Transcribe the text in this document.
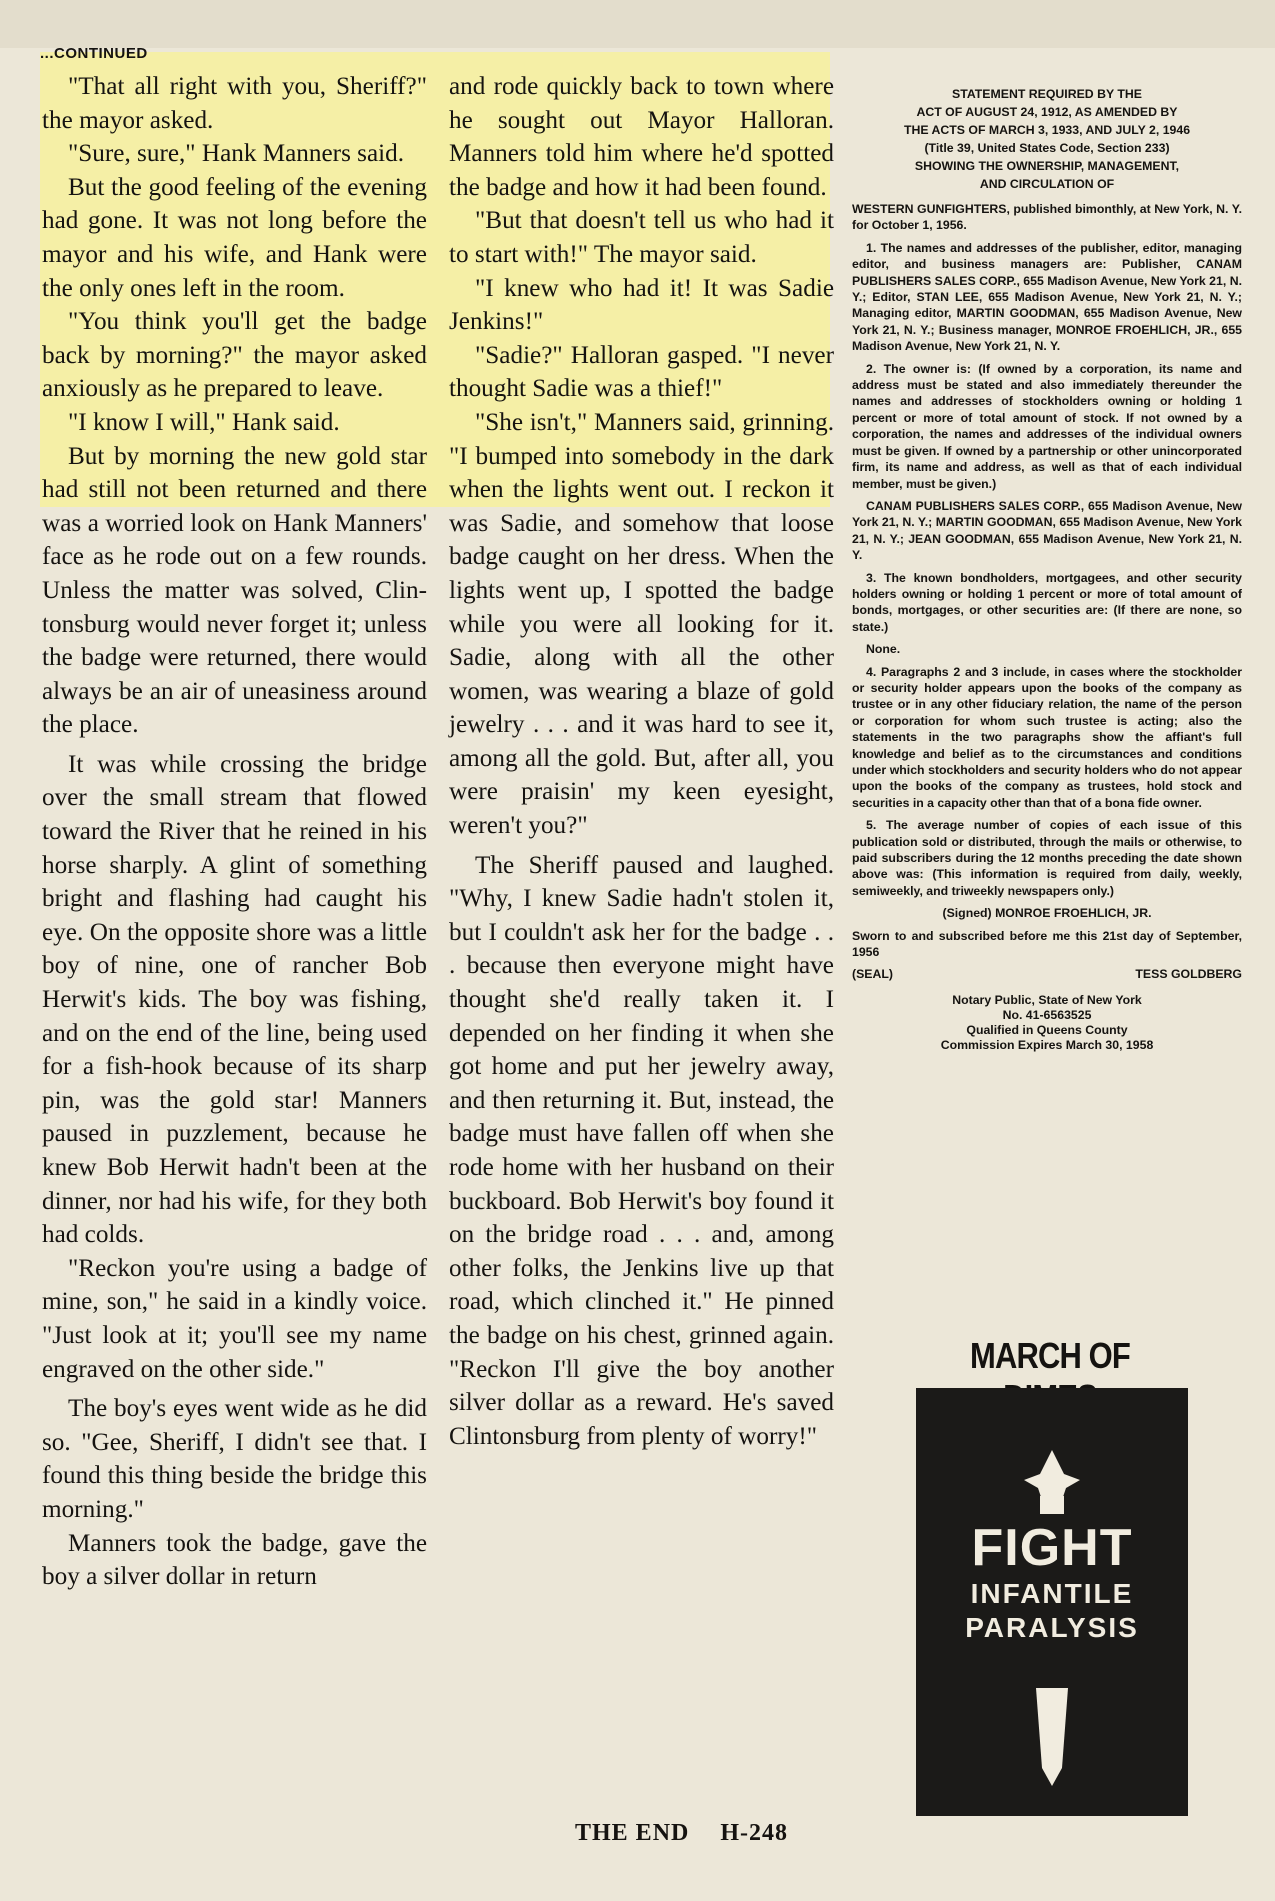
...CONTINUED

"That all right with you, Sheriff?" the mayor asked.

"Sure, sure," Hank Manners said.

But the good feeling of the evening had gone. It was not long before the mayor and his wife, and Hank were the only ones left in the room.

"You think you'll get the badge back by morning?" the mayor asked anxiously as he prepared to leave.

"I know I will," Hank said.

But by morning the new gold star had still not been returned and there was a worried look on Hank Manners' face as he rode out on a few rounds. Unless the matter was solved, Clintonsburg would never forget it; unless the badge were returned, there would always be an air of uneasiness around the place.

It was while crossing the bridge over the small stream that flowed toward the River that he reined in his horse sharply. A glint of something bright and flashing had caught his eye. On the opposite shore was a little boy of nine, one of rancher Bob Herwit's kids. The boy was fishing, and on the end of the line, being used for a fish-hook because of its sharp pin, was the gold star! Manners paused in puzzlement, because he knew Bob Herwit hadn't been at the dinner, nor had his wife, for they both had colds.

"Reckon you're using a badge of mine, son," he said in a kindly voice. "Just look at it; you'll see my name engraved on the other side."

The boy's eyes went wide as he did so. "Gee, Sheriff, I didn't see that. I found this thing beside the bridge this morning."

Manners took the badge, gave the boy a silver dollar in return

and rode quickly back to town where he sought out Mayor Halloran. Manners told him where he'd spotted the badge and how it had been found.

"But that doesn't tell us who had it to start with!" The mayor said.

"I knew who had it! It was Sadie Jenkins!"

"Sadie?" Halloran gasped. "I never thought Sadie was a thief!"

"She isn't," Manners said, grinning. "I bumped into somebody in the dark when the lights went out. I reckon it was Sadie, and somehow that loose badge caught on her dress. When the lights went up, I spotted the badge while you were all looking for it. Sadie, along with all the other women, was wearing a blaze of gold jewelry . . . and it was hard to see it, among all the gold. But, after all, you were praisin' my keen eyesight, weren't you?"

The Sheriff paused and laughed. "Why, I knew Sadie hadn't stolen it, but I couldn't ask her for the badge . . . because then everyone might have thought she'd really taken it. I depended on her finding it when she got home and put her jewelry away, and then returning it. But, instead, the badge must have fallen off when she rode home with her husband on their buckboard. Bob Herwit's boy found it on the bridge road . . . and, among other folks, the Jenkins live up that road, which clinched it." He pinned the badge on his chest, grinned again. "Reckon I'll give the boy another silver dollar as a reward. He's saved Clintonsburg from plenty of worry!"

THE END H-248
STATEMENT REQUIRED BY THE
ACT OF AUGUST 24, 1912, AS AMENDED BY
THE ACTS OF MARCH 3, 1933, AND JULY 2, 1946
(Title 39, United States Code, Section 233)
SHOWING THE OWNERSHIP, MANAGEMENT,
AND CIRCULATION OF

WESTERN GUNFIGHTERS, published bimonthly, at New York, N. Y. for October 1, 1956.

1. The names and addresses of the publisher, editor, managing editor, and business managers are: Publisher, CANAM PUBLISHERS SALES CORP., 655 Madison Avenue, New York 21, N. Y.; Editor, STAN LEE, 655 Madison Avenue, New York 21, N. Y.; Managing editor, MARTIN GOODMAN, 655 Madison Avenue, New York 21, N. Y.; Business manager, MONROE FROEHLICH, JR., 655 Madison Avenue, New York 21, N. Y.

2. The owner is: (If owned by a corporation, its name and address must be stated and also immediately thereunder the names and addresses of stockholders owning or holding 1 percent or more of total amount of stock. If not owned by a corporation, the names and addresses of the individual owners must be given. If owned by a partnership or other unincorporated firm, its name and address, as well as that of each individual member, must be given.)

CANAM PUBLISHERS SALES CORP., 655 Madison Avenue, New York 21, N. Y.; MARTIN GOODMAN, 655 Madison Avenue, New York 21, N. Y.; JEAN GOODMAN, 655 Madison Avenue, New York 21, N. Y.

3. The known bondholders, mortgagees, and other security holders owning or holding 1 percent or more of total amount of bonds, mortgages, or other securities are: (If there are none, so state.)

None.

4. Paragraphs 2 and 3 include, in cases where the stockholder or security holder appears upon the books of the company as trustee or in any other fiduciary relation, the name of the person or corporation for whom such trustee is acting; also the statements in the two paragraphs show the affiant's full knowledge and belief as to the circumstances and conditions under which stockholders and security holders who do not appear upon the books of the company as trustees, hold stock and securities in a capacity other than that of a bona fide owner.

5. The average number of copies of each issue of this publication sold or distributed, through the mails or otherwise, to paid subscribers during the 12 months preceding the date shown above was: (This information is required from daily, weekly, semiweekly, and triweekly newspapers only.)

(Signed) MONROE FROEHLICH, JR.

Sworn to and subscribed before me this 21st day of September, 1956

(SEAL)	TESS GOLDBERG
Notary Public, State of New York
No. 41-6563525
Qualified in Queens County
Commission Expires March 30, 1958
MARCH OF
FIGHT
INFANTILE
PARALYSIS
